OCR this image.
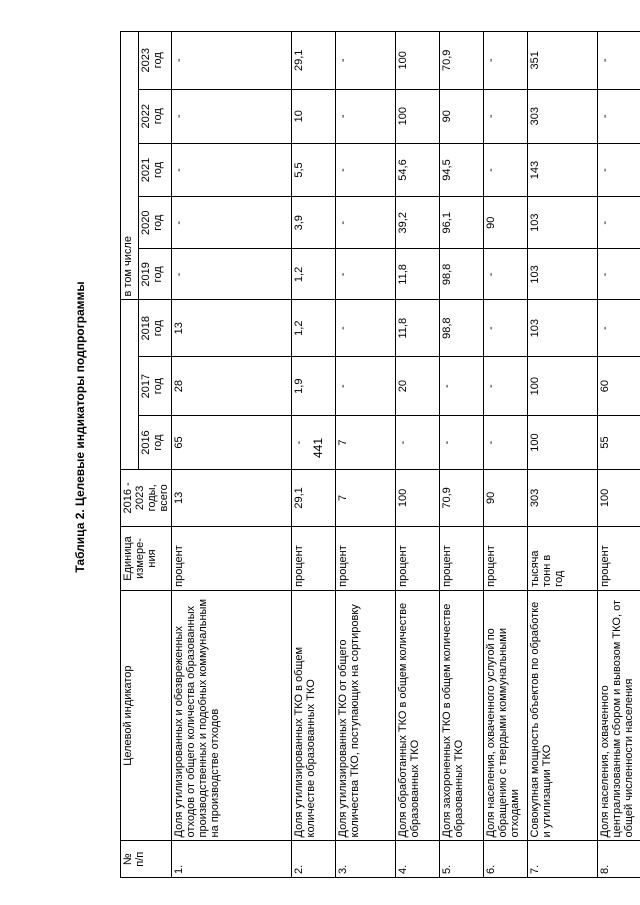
441
Таблица 2. Целевые индикаторы подпрограммы
№
п/п	Целевой индикатор	Единица
измере-
ния	2016 -
2023
годы,
всего				в том числе				
				2016
год	2017
год	2018
год	2019
год	2020
год	2021
год	2022
год	2023
год
1.	Доля утилизированных и обезвреженных отходов от общего количества образованных производственных и подобных коммунальным на производстве отходов	процент	13	65	28	13	-	-	-	-	-
2.	Доля утилизированных ТКО в общем количестве образованных ТКО	процент	29,1	-	1,9	1,2	1,2	3,9	5,5	10	29,1
3.	Доля утилизированных ТКО от общего количества ТКО, поступающих на сортировку	процент	7	7	-	-	-	-	-	-	-
4.	Доля обработанных ТКО в общем количестве образованных ТКО	процент	100	-	20	11,8	11,8	39,2	54,6	100	100
5.	Доля захороненных ТКО в общем количестве образованных ТКО	процент	70,9	-	-	98,8	98,8	96,1	94,5	90	70,9
6.	Доля населения, охваченного услугой по обращению с твердыми коммунальными отходами	процент	90	-	-	-	-	90	-	-	-
7.	Совокупная мощность объектов по обработке и утилизации ТКО	тысяча
тонн в
год	303	100	100	103	103	103	143	303	351
8.	Доля населения, охваченного централизованным сбором и вывозом ТКО, от общей численности населения	процент	100	55	60	-	-	-	-	-	-
